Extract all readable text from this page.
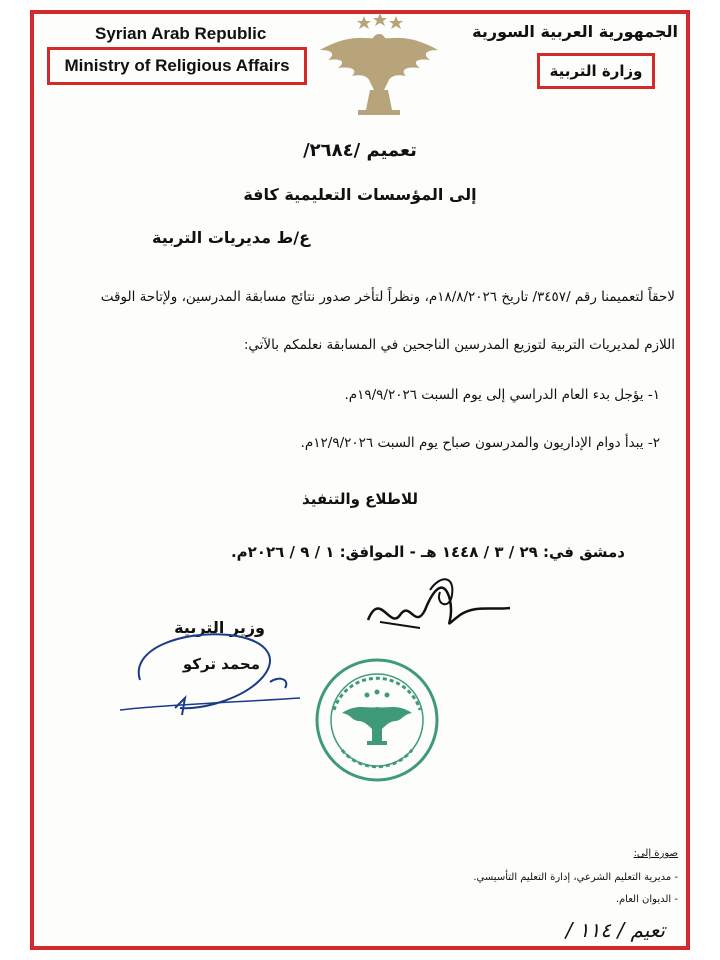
Syrian Arab Republic
Ministry of Religious Affairs
الجمهورية العربية السورية
وزارة التربية
تعميم /٢٦٨٤/
إلى المؤسسات التعليمية كافة
ع/ط مديريات التربية
لاحقاً لتعميمنا رقم /٣٤٥٧/ تاريخ ١٨/٨/٢٠٢٦م، ونظراً لتأخر صدور نتائج مسابقة المدرسين، ولإتاحة الوقت
اللازم لمديريات التربية لتوزيع المدرسين الناجحين في المسابقة نعلمكم بالآتي:
١- يؤجل بدء العام الدراسي إلى يوم السبت ١٩/٩/٢٠٢٦م.
٢- يبدأ دوام الإداريون والمدرسون صباح يوم السبت ١٢/٩/٢٠٢٦م.
للاطلاع والتنفيذ
دمشق في: ٢٩ / ٣ / ١٤٤٨ هـ - الموافق: ١ / ٩ / ٢٠٢٦م.
وزير التربية
محمد تركو
صورة إلى:
- مديرية التعليم الشرعي، إدارة التعليم التأسيسي.
- الديوان العام.
تعيم / ١١٤ /
